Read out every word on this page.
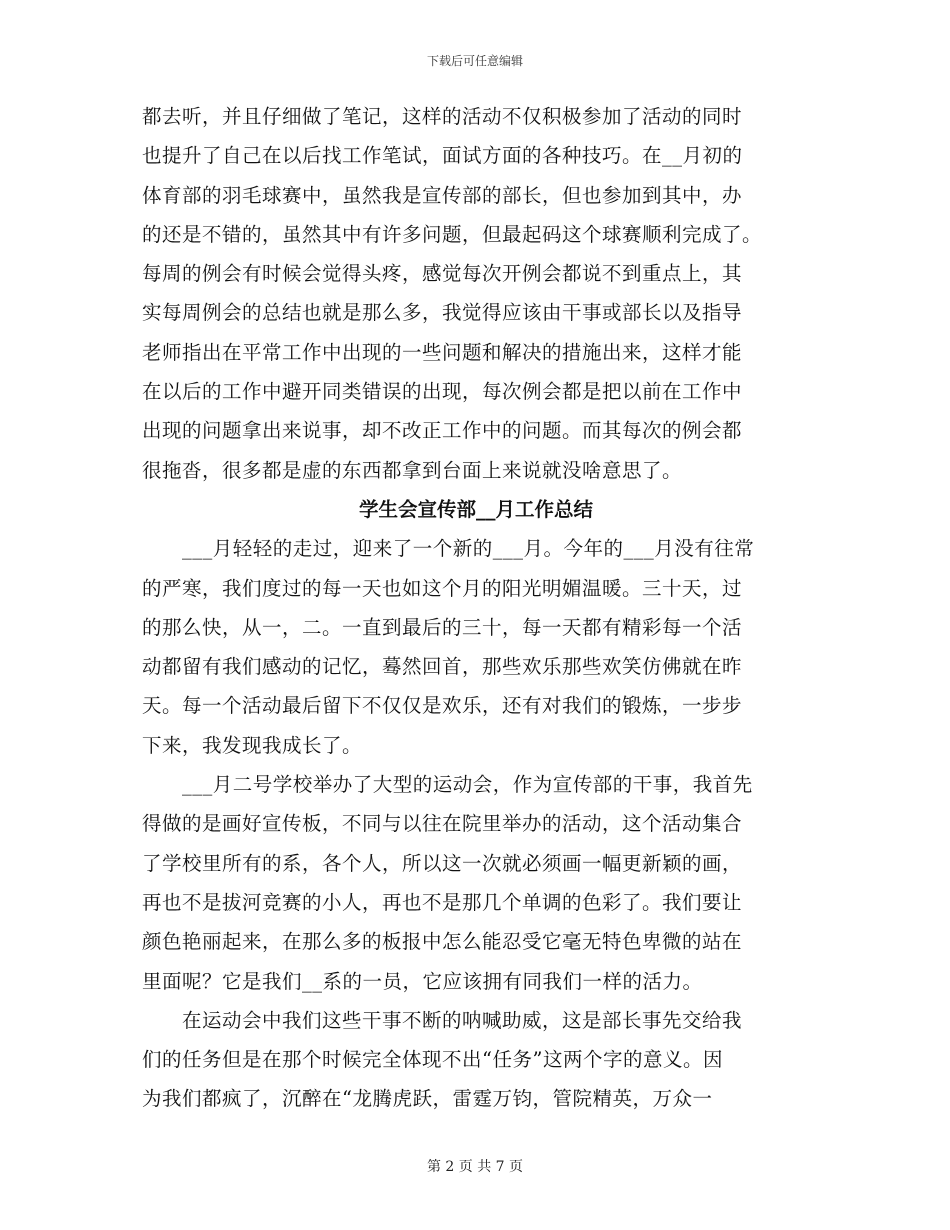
下载后可任意编辑
都去听，并且仔细做了笔记，这样的活动不仅积极参加了活动的同时
也提升了自己在以后找工作笔试，面试方面的各种技巧。在__月初的
体育部的羽毛球赛中，虽然我是宣传部的部长，但也参加到其中，办
的还是不错的，虽然其中有许多问题，但最起码这个球赛顺利完成了。
每周的例会有时候会觉得头疼，感觉每次开例会都说不到重点上，其
实每周例会的总结也就是那么多，我觉得应该由干事或部长以及指导
老师指出在平常工作中出现的一些问题和解决的措施出来，这样才能
在以后的工作中避开同类错误的出现，每次例会都是把以前在工作中
出现的问题拿出来说事，却不改正工作中的问题。而其每次的例会都
很拖沓，很多都是虚的东西都拿到台面上来说就没啥意思了。
学生会宣传部__月工作总结
___月轻轻的走过，迎来了一个新的___月。今年的___月没有往常
的严寒，我们度过的每一天也如这个月的阳光明媚温暖。三十天，过
的那么快，从一，二。一直到最后的三十，每一天都有精彩每一个活
动都留有我们感动的记忆，蓦然回首，那些欢乐那些欢笑仿佛就在昨
天。每一个活动最后留下不仅仅是欢乐，还有对我们的锻炼，一步步
下来，我发现我成长了。
___月二号学校举办了大型的运动会，作为宣传部的干事，我首先
得做的是画好宣传板，不同与以往在院里举办的活动，这个活动集合
了学校里所有的系，各个人，所以这一次就必须画一幅更新颖的画，
再也不是拔河竞赛的小人，再也不是那几个单调的色彩了。我们要让
颜色艳丽起来，在那么多的板报中怎么能忍受它毫无特色卑微的站在
里面呢？它是我们__系的一员，它应该拥有同我们一样的活力。
在运动会中我们这些干事不断的呐喊助威，这是部长事先交给我
们的任务但是在那个时候完全体现不出“任务”这两个字的意义。因
为我们都疯了，沉醉在“龙腾虎跃，雷霆万钧，管院精英，万众一
第 2 页 共 7 页
